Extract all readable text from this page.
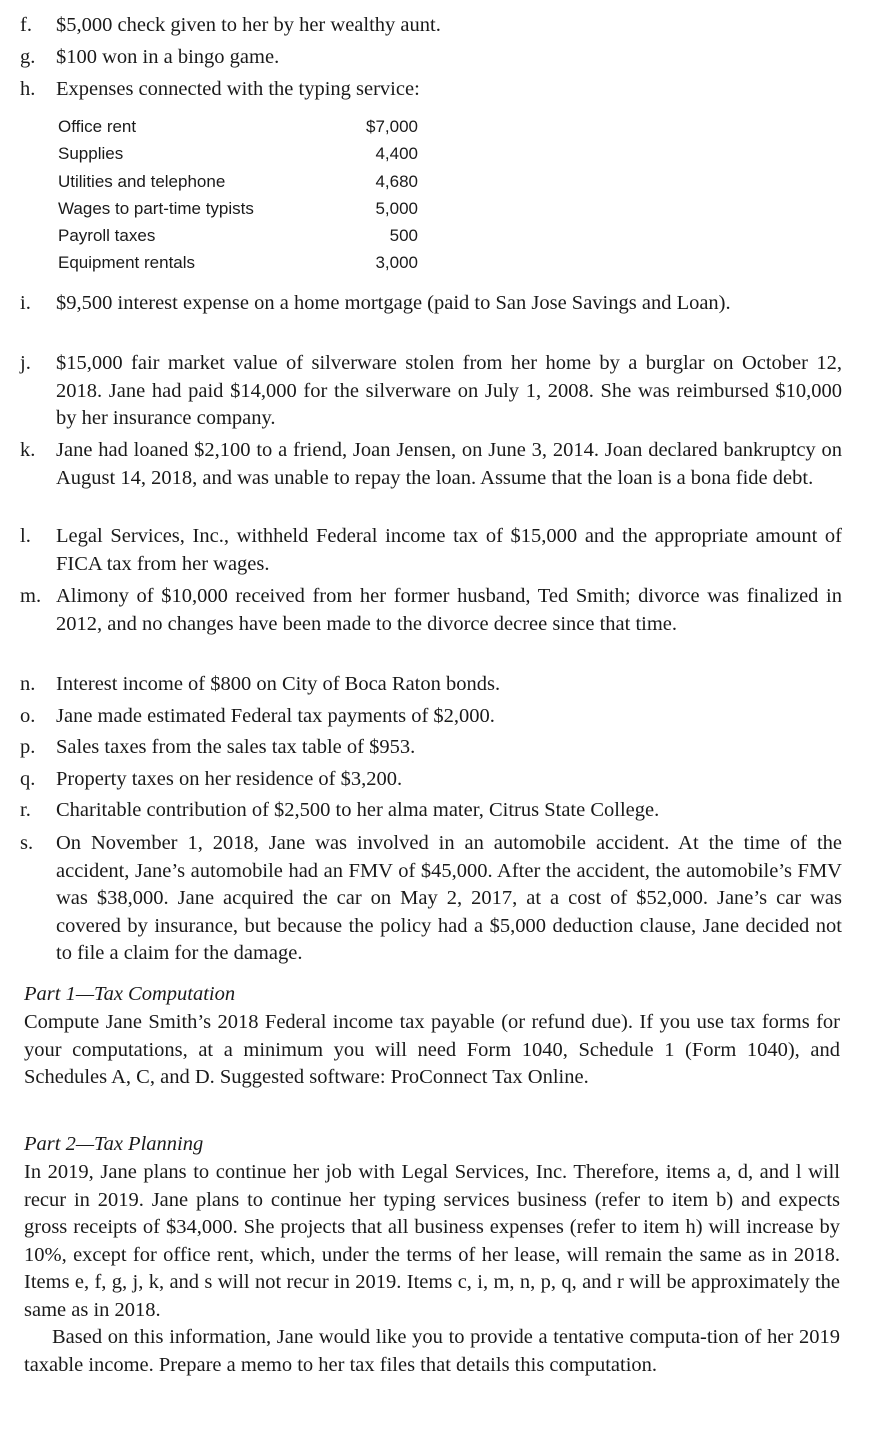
f.	$5,000 check given to her by her wealthy aunt.
g.	$100 won in a bingo game.
h.	Expenses connected with the typing service:
Office rent	$7,000
Supplies	4,400
Utilities and telephone	4,680
Wages to part-time typists	5,000
Payroll taxes	500
Equipment rentals	3,000
i.	$9,500 interest expense on a home mortgage (paid to San Jose Savings and Loan).
j.	$15,000 fair market value of silverware stolen from her home by a burglar on October 12, 2018. Jane had paid $14,000 for the silverware on July 1, 2008. She was reimbursed $10,000 by her insurance company.
k.	Jane had loaned $2,100 to a friend, Joan Jensen, on June 3, 2014. Joan declared bankruptcy on August 14, 2018, and was unable to repay the loan. Assume that the loan is a bona fide debt.
l.	Legal Services, Inc., withheld Federal income tax of $15,000 and the appropriate amount of FICA tax from her wages.
m. Alimony of $10,000 received from her former husband, Ted Smith; divorce was finalized in 2012, and no changes have been made to the divorce decree since that time.
n.	Interest income of $800 on City of Boca Raton bonds.
o.	Jane made estimated Federal tax payments of $2,000.
p.	Sales taxes from the sales tax table of $953.
q.	Property taxes on her residence of $3,200.
r.	Charitable contribution of $2,500 to her alma mater, Citrus State College.
s.	On November 1, 2018, Jane was involved in an automobile accident. At the time of the accident, Jane’s automobile had an FMV of $45,000. After the accident, the automobile’s FMV was $38,000. Jane acquired the car on May 2, 2017, at a cost of $52,000. Jane’s car was covered by insurance, but because the policy had a $5,000 deduction clause, Jane decided not to file a claim for the damage.
Part 1—Tax Computation

Compute Jane Smith’s 2018 Federal income tax payable (or refund due). If you use tax forms for your computations, at a minimum you will need Form 1040, Schedule 1 (Form 1040), and Schedules A, C, and D. Suggested software: ProConnect Tax Online.

Part 2—Tax Planning

In 2019, Jane plans to continue her job with Legal Services, Inc. Therefore, items a, d, and l will recur in 2019. Jane plans to continue her typing services business (refer to item b) and expects gross receipts of $34,000. She projects that all business expenses (refer to item h) will increase by 10%, except for office rent, which, under the terms of her lease, will remain the same as in 2018. Items e, f, g, j, k, and s will not recur in 2019. Items c, i, m, n, p, q, and r will be approximately the same as in 2018.

Based on this information, Jane would like you to provide a tentative computa-tion of her 2019 taxable income. Prepare a memo to her tax files that details this computation.
